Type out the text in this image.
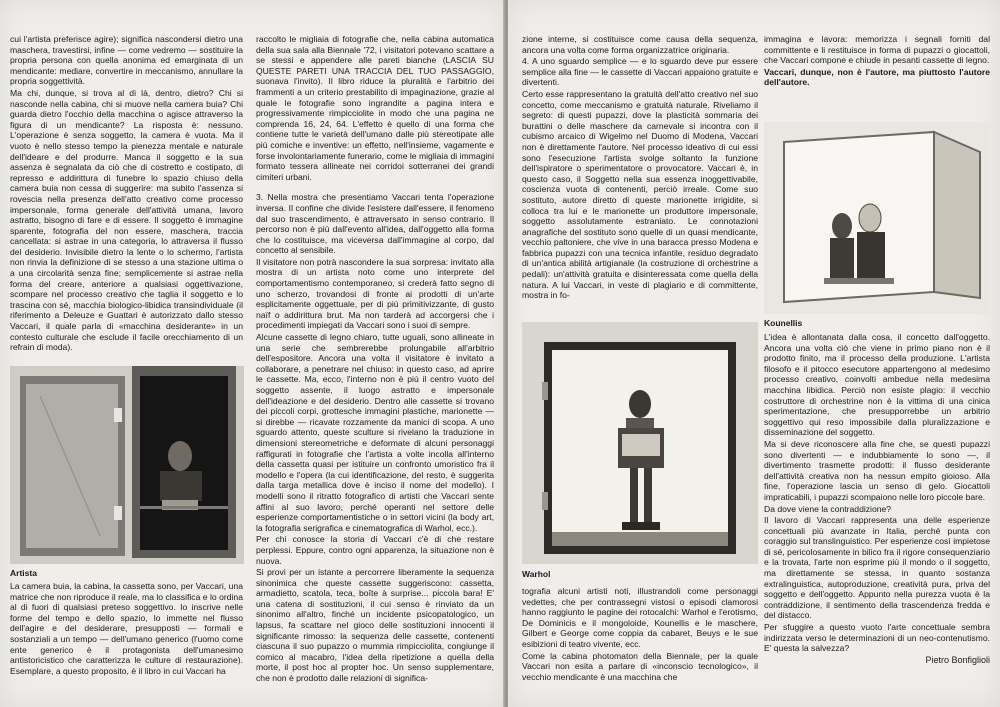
cui l'artista preferisce agire); significa nascondersi dietro una maschera, travestirsi, infine — come vedremo — sostituire la propria persona con quella anonima ed emarginata di un mendicante: mediare, convertire in meccanismo, annullare la propria soggettività.

Ma chi, dunque, si trova al di là, dentro, dietro? Chi si nasconde nella cabina, chi si muove nella camera buia? Chi guarda dietro l'occhio della macchina o agisce attraverso la figura di un mendicante? La risposta è: nessuno. L'operazione è senza soggetto, la camera è vuota. Ma il vuoto è nello stesso tempo la pienezza mentale e naturale dell'ideare e del produrre. Manca il soggetto e la sua assenza è segnalata da ciò che di costretto e costipato, di represso e addirittura di funebre lo spazio chiuso della camera buia non cessa di suggerire: ma subito l'assenza si rovescia nella presenza dell'atto creativo come processo impersonale, forma generale dell'attività umana, lavoro astratto, bisogno di fare e di essere. Il soggetto è immagine sparente, fotografia del non essere, maschera, traccia cancellata: si astrae in una categoria, lo attraversa il flusso del desiderio. Invisibile dietro la lente o lo schermo, l'artista non rinvia la definizione di se stesso a una stazione ultima o a una circolarità senza fine; semplicemente si astrae nella forma del creare, anteriore a qualsiasi oggettivazione, scompare nel processo creativo che taglia il soggetto e lo trascina con sé, macchia biologico-libidica transindividuale (il riferimento a Deleuze e Guattari è autorizzato dallo stesso Vaccari, il quale parla di «macchina desiderante» in un contesto culturale che esclude il facile orecchiamento di un refrain di moda).

Artista

La camera buia, la cabina, la cassetta sono, per Vaccari, una matrice che non riproduce il reale, ma lo classifica e lo ordina al di fuori di qualsiasi preteso soggettivo. Io inscrive nelle forme del tempo e dello spazio, lo immette nel flusso dell'agire e del desiderare, presupposti — formali e sostanziali a un tempo — dell'umano generico (l'uomo come ente generico è il protagonista dell'umanesimo antistoricistico che caratterizza le culture di restaurazione). Esemplare, a questo proposito, è il libro in cui Vaccari ha

raccolto le migliaia di fotografie che, nella cabina automatica della sua sala alla Biennale '72, i visitatori potevano scattare a se stessi e appendere alle pareti bianche (LASCIA SU QUESTE PARETI UNA TRACCIA DEL TUO PASSAGGIO, suonava l'invito). Il libro riduce la pluralità e l'arbitrio dei frammenti a un criterio prestabilito di impaginazione, grazie al quale le fotografie sono ingrandite a pagina intera e progressivamente rimpicciolite in modo che una pagina ne comprenda 16, 24, 64. L'effetto è quello di una forma che contiene tutte le varietà dell'umano dalle più stereotipate alle più comiche e inventive: un effetto, nell'insieme, vagamente e forse involontariamente funerario, come le migliaia di immagini formato tessera allineate nei corridoi sotterranei dei grandi cimiteri urbani.

3. Nella mostra che presentiamo Vaccari tenta l'operazione inversa. Il confine che divide l'esistere dall'essere, il fenomeno dal suo trascendimento, è attraversato in senso contrario. Il percorso non è più dall'evento all'idea, dall'oggetto alla forma che lo costituisce, ma viceversa dall'immagine al corpo, dal concetto al sensibile.

Il visitatore non potrà nascondere la sua sorpresa: invitato alla mostra di un artista noto come uno interprete del comportamentismo contemporaneo, si crederà fatto segno di uno scherzo, trovandosi di fronte ai prodotti di un'arte esplicitamente oggettuale, per di più primitivizzante, di gusto naïf o addirittura brut. Ma non tarderà ad accorgersi che i procedimenti impiegati da Vaccari sono i suoi di sempre.

Alcune cassette di legno chiaro, tutte uguali, sono allineate in una serie che sembrerebbe prolungabile all'arbitrio dell'espositore. Ancora una volta il visitatore è invitato a collaborare, a penetrare nel chiuso: in questo caso, ad aprire le cassette. Ma, ecco, l'interno non è più il centro vuoto del soggetto assente, il luogo astratto e impersonale dell'ideazione e del desiderio. Dentro alle cassette si trovano dei piccoli corpi, grottesche immagini plastiche, marionette — si direbbe — ricavate rozzamente da manici di scopa. A uno sguardo attento, queste sculture si rivelano la traduzione in dimensioni stereometriche e deformate di alcuni personaggi raffigurati in fotografie che l'artista a volte incolla all'interno della cassetta quasi per istituire un confronto umoristico fra il modello e l'opera (la cui identificazione, del resto, è suggerita dalla targa metallica dove è inciso il nome del modello). I modelli sono il ritratto fotografico di artisti che Vaccari sente affini al suo lavoro, perché operanti nel settore delle esperienze comportamentistiche o in settori vicini (la body art, la fotografia serigrafica e cinematografica di Warhol, ecc.).

Per chi conosce la storia di Vaccari c'è di che restare perplessi. Eppure, contro ogni apparenza, la situazione non è nuova.

Si provi per un istante a percorrere liberamente la sequenza sinonimica che queste cassette suggeriscono: cassetta, armadietto, scatola, teca, boîte à surprise... piccola bara! E' una catena di sostituzioni, il cui senso è rinviato da un sinonimo all'altro, finché un incidente psicopatologico, un lapsus, fa scattare nel gioco delle sostituzioni innocenti il significante rimosso: la sequenza delle cassette, contenenti ciascuna il suo pupazzo o mummia rimpicciolita, congiunge il comico al macabro, l'idea della ripetizione a quella della morte, il post hoc al propter hoc. Un senso supplementare, che non è prodotto dalle relazioni di significa-

zione interne, si costituisce come causa della sequenza, ancora una volta come forma organizzatrice originaria.

4. A uno sguardo semplice — e lo sguardo deve pur essere semplice alla fine — le cassette di Vaccari appaiono gratuite e divertenti.

Certo esse rappresentano la gratuità dell'atto creativo nel suo concetto, come meccanismo e gratuità naturale. Riveliamo il segreto: di questi pupazzi, dove la plasticità sommaria dei burattini o delle maschere da carnevale si incontra con il cubismo arcaico di Wigelmo nel Duomo di Modena, Vaccari non è direttamente l'autore. Nel processo ideativo di cui essi sono l'esecuzione l'artista svolge soltanto la funzione dell'ispiratore o sperimentatore o provocatore. Vaccari è, in questo caso, il Soggetto nella sua essenza inoggettivabile, coscienza vuota di contenenti, perciò irreale. Come suo sostituto, autore diretto di queste marionette irrigidite, si colloca tra lui e le marionette un produttore impersonale, soggetto assolutamente estraniato. Le connotazioni anagrafiche del sostituto sono quelle di un quasi mendicante, vecchio paltoniere, che vive in una baracca presso Modena e fabbrica pupazzi con una tecnica infantile, residuo degradato di un'antica abilità artigianale (la costruzione di orchestrine a pedali): un'attività gratuita e disinteressata come quella della natura. A lui Vaccari, in veste di plagiario e di committente, mostra in fo-

Warhol

tografia alcuni artisti noti, illustrandoli come personaggi vedettes, che per contrassegni vistosi o episodi clamorosi hanno raggiunto le pagine dei rotocalchi: Warhol e l'erotismo, De Dominicis e il mongoloide, Kounellis e le maschere, Gilbert e George come coppia da cabaret, Beuys e le sue esibizioni di teatro vivente, ecc.

Come la cabina photomaton della Biennale, per la quale Vaccari non esita a parlare di «inconscio tecnologico», il vecchio mendicante è una macchina che

immagina e lavora: memorizza i segnali forniti dal committente e li restituisce in forma di pupazzi o giocattoli, che Vaccari compone e chiude in pesanti cassette di legno.

Vaccari, dunque, non è l'autore, ma piuttosto l'autore dell'autore.

Kounellis

L'idea è allontanata dalla cosa, il concetto dall'oggetto. Ancora una volta ciò che viene in primo piano non è il prodotto finito, ma il processo della produzione. L'artista filosofo e il pitocco esecutore appartengono al medesimo processo creativo, coinvolti ambedue nella medesima macchina libidica. Perciò non esiste plagio: il vecchio costruttore di orchestrine non è la vittima di una cinica sperimentazione, che presupporrebbe un arbitrio soggettivo qui reso impossibile dalla pluralizzazione e disseminazione del soggetto.

Ma si deve riconoscere alla fine che, se questi pupazzi sono divertenti — e indubbiamente lo sono —, il divertimento trasmette prodotti: il flusso desiderante dell'attività creativa non ha nessun empito gioioso. Alla fine, l'operazione lascia un senso di gelo. Giocattoli impraticabili, i pupazzi scompaiono nelle loro piccole bare.

Da dove viene la contraddizione?

Il lavoro di Vaccari rappresenta una delle esperienze concettuali più avanzate in Italia, perché punta con coraggio sul translinguistico. Per esperienze così impietose di sé, pericolosamente in bilico fra il rigore consequenziario e la trovata, l'arte non esprime più il mondo o il soggetto, ma direttamente se stessa, in quanto sostanza extralinguistica, autoproduzione, creatività pura, priva del soggetto e dell'oggetto. Appunto nella purezza vuota è la contraddizione, il sentimento della trascendenza fredda e del distacco.

Per sfuggire a questo vuoto l'arte concettuale sembra indirizzata verso le determinazioni di un neo-contenutismo. E' questa la salvezza?

Pietro Bonfiglioli
